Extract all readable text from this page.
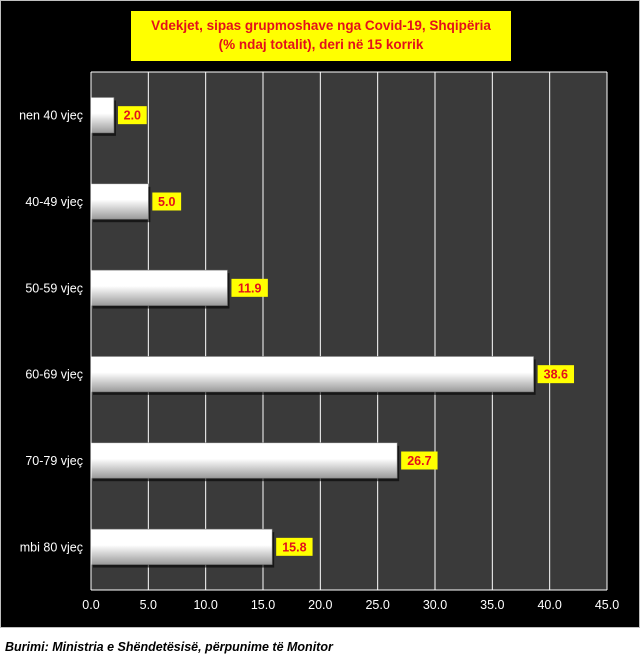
nen 40 vjeç	2.0
40-49 vjeç	5.0
50-59 vjeç	11.9
60-69 vjeç	38.6
70-79 vjeç	26.7
mbi 80 vjeç	15.8
0.0	5.0	10.0	15.0	20.0	25.0	30.0	35.0	40.0	45.0
Vdekjet, sipas grupmoshave nga Covid-19, Shqipëria
(% ndaj totalit), deri në 15 korrik
Burimi: Ministria e Shëndetësisë, përpunime të Monitor
